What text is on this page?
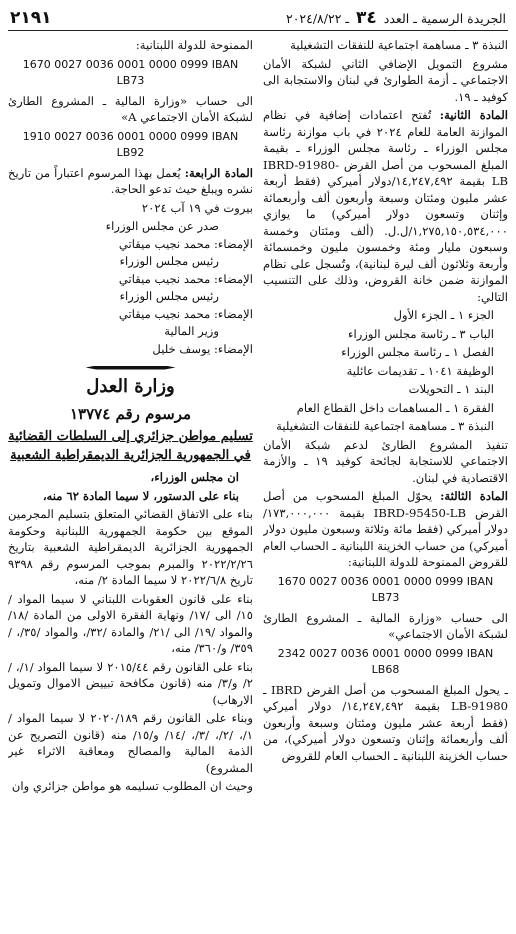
الجريدة الرسمية ـ العدد ٣٤ ـ ٢٠٢٤/٨/٢٢
٢١٩١

النبذة ٣ ـ مساهمة اجتماعية للنفقات التشغيلية

مشروع التمويل الإضافي الثاني لشبكة الأمان الاجتماعي ـ أزمة الطوارئ في لبنان والاستجابة الى كوفيد ـ ١٩.

المادة الثانية: تُفتح اعتمادات إضافية في نظام الموازنة العامة للعام ٢٠٢٤ في باب موازنة رئاسة مجلس الوزراء ـ رئاسة مجلس الوزراء ـ بقيمة المبلغ المسحوب من أصل القرض IBRD-91980-LB بقيمة ١٤,٢٤٧,٤٩٢/دولار أميركي (فقط أربعة عشر مليون ومئتان وسبعة وأربعون ألف وأربعمائة وإثنان وتسعون دولار أميركي) ما يوازي ١,٢٧٥,١٥٠,٥٣٤,٠٠٠/ل.ل. (ألف ومئتان وخمسة وسبعون مليار ومئة وخمسون مليون وخمسمائة وأربعة وثلاثون ألف ليرة لبنانية)، وتُسجل على نظام الموازنة ضمن خانة القروض، وذلك على التنسيب التالي:

الجزء ١ ـ الجزء الأول

الباب ٣ ـ رئاسة مجلس الوزراء

الفصل ١ ـ رئاسة مجلس الوزراء

الوظيفة ١٠٤١ ـ تقديمات عائلية

البند ١ ـ التحويلات

الفقرة ١ ـ المساهمات داخل القطاع العام

النبذة ٣ ـ مساهمة اجتماعية للنفقات التشغيلية

تنفيذ المشروع الطارئ لدعم شبكة الأمان الاجتماعي للاستجابة لجائحة كوفيد ١٩ ـ والأزمة الاقتصادية في لبنان.

المادة الثالثة: يحوّل المبلغ المسحوب من أصل القرض IBRD-95450-LB بقيمة ١٧٣,٠٠٠,٠٠٠/ دولار أميركي (فقط مائة وثلاثة وسبعون مليون دولار أميركي) من حساب الخزينة اللبنانية ـ الحساب العام للقروض الممنوحة للدولة اللبنانية:

1670 0027 0036 0001 0000 0999 IBAN LB73

الى حساب «وزارة المالية ـ المشروع الطارئ لشبكة الأمان الاجتماعي»

2342 0027 0036 0001 0000 0999 IBAN LB68

ـ يحول المبلغ المسحوب من أصل القرض IBRD ـ 91980-LB بقيمة ١٤,٢٤٧,٤٩٢/ دولار أميركي (فقط أربعة عشر مليون ومئتان وسبعة وأربعون ألف وأربعمائة وإثنان وتسعون دولار أميركي)، من حساب الخزينة اللبنانية ـ الحساب العام للقروض

الممنوحة للدولة اللبنانية:

1670 0027 0036 0001 0000 0999 IBAN LB73

الى حساب «وزارة المالية ـ المشروع الطارئ لشبكة الأمان الاجتماعي A»

1910 0027 0036 0001 0000 0999 IBAN LB92

المادة الرابعة: يُعمل بهذا المرسوم اعتباراً من تاريخ نشره ويبلغ حيث تدعو الحاجة.

بيروت في ١٩ آب ٢٠٢٤

صدر عن مجلس الوزراء

الإمضاء: محمد نجيب ميقاتي

رئيس مجلس الوزراء

الإمضاء: محمد نجيب ميقاتي

رئيس مجلس الوزراء

الإمضاء: محمد نجيب ميقاتي

وزير المالية

الإمضاء: يوسف خليل

وزارة العدل
مرسوم رقم ١٣٧٧٤
تسليم مواطن جزائري إلى السلطات القضائية
في الجمهورية الجزائرية الديمقراطية الشعبية

ان مجلس الوزراء،

بناء على الدستور، لا سيما المادة ٦٢ منه،

بناء على الاتفاق القضائي المتعلق بتسليم المجرمين الموقع بين حكومة الجمهورية اللبنانية وحكومة الجمهورية الجزائرية الديمقراطية الشعبية بتاريخ ٢٠٢٢/٢/٢٦ والمبرم بموجب المرسوم رقم ٩٣٩٨ تاريخ ٢٠٢٢/٦/٨ لا سيما المادة ٢/ منه،

بناء على قانون العقوبات اللبناني لا سيما المواد /١٥/ الى /١٧/ ونهاية الفقرة الاولى من المادة /١٨/ والمواد /١٩/ الى /٢١/ والمادة /٣٢/، والمواد /٣٥/، /٣٥٩/ و/٣٦٠/ منه،

بناء على القانون رقم ٢٠١٥/٤٤ لا سيما المواد /١/، /٢/ و/٣/ منه (قانون مكافحة تبييض الاموال وتمويل الارهاب)

وبناء على القانون رقم ٢٠٢٠/١٨٩ لا سيما المواد /١/، /٢/، /٣/، /١٤/ و/١٥/ منه (قانون التصريح عن الذمة المالية والمصالح ومعاقبة الاثراء غير المشروع)

وحيث ان المطلوب تسليمه هو مواطن جزائري وان
